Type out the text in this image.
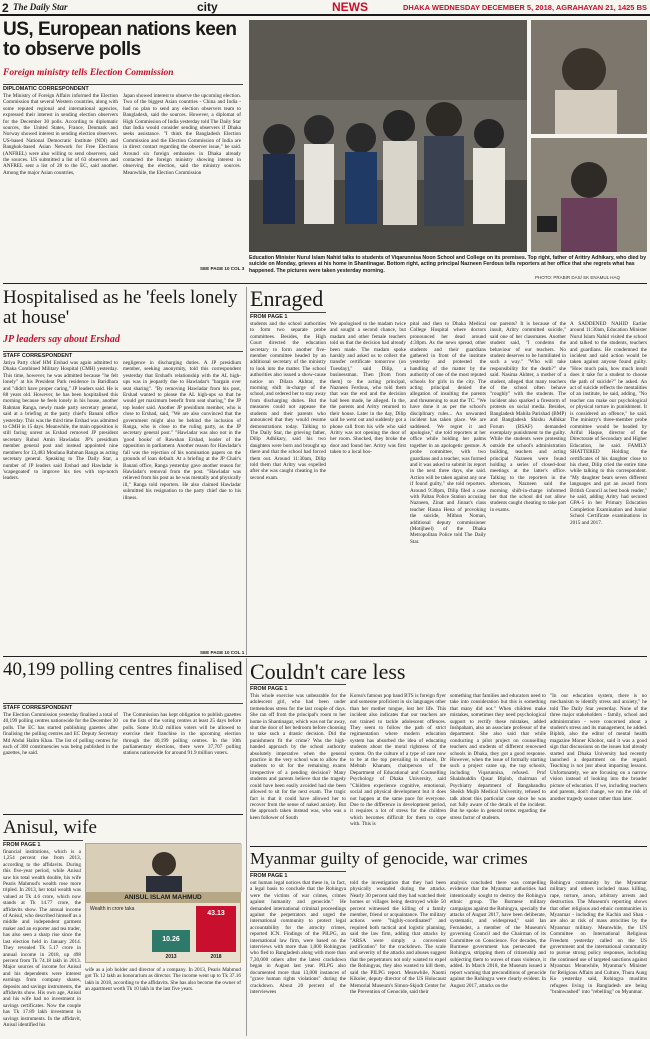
2 The Daily Star	city	NEWS	DHAKA WEDNESDAY DECEMBER 5, 2018, AGRAHAYAN 21, 1425 BS
US, European nations keen to observe polls
Foreign ministry tells Election Commission
DIPLOMATIC CORRESPONDENT
The Ministry of Foreign Affairs informed the Election Commission that several Western countries, along with some reputed regional and international agencies, expressed their interest in sending election observers for the December 30 polls. According to diplomatic sources, the United States, France, Denmark and Norway showed interest in sending election observers. US-based National Democratic Institute (NDI) and Bangkok-based Asian Network for Free Elections (ANFREL) were also willing to send observers, said the sources. US submitted a list of 63 observers and ANFREL sent a list of 28 to the EC, said another. Among the major Asian countries,
Japan showed interest to observe the upcoming election. Two of the biggest Asian countries - China and India - had no plan to send any election observers team to Bangladesh, said the sources. However, a diplomat of High Commission of India yesterday told The Daily Star that India would consider sending observers if Dhaka seeks assistance. "I think the Bangladesh Election Commission and the Election Commission of India are in direct contact regarding the observer issue," he said. Around six foreign embassies in Dhaka already contacted the foreign ministry showing interest in observing the election, said the ministry sources. Meanwhile, the Election Commission
SEE PAGE 10 COL 3
Education Minister Nurul Islam Nahid talks to students of Viqarunnisa Noon School and College on its premises. Top right, father of Arittry Adhikary, who died by suicide on Monday, grieves at his home in Shantinagar. Bottom right, acting principal Nazneen Ferdous tells reporters at her office that she regrets what has happened. The pictures were taken yesterday morning.
PHOTO: PRABIR DAS/ SK ENAMUL HAQ
Hospitalised as he 'feels lonely at house'
JP leaders say about Ershad
STAFF CORRESPONDENT
Jatiya Party chief HM Ershad was again admitted to Dhaka Combined Military Hospital (CMH) yesterday. This time, however, he was admitted because "he felt lonely" at his President Park residence in Baridhara and "didn't have proper caring," JP leaders said. He is 88 years old. However, he has been hospitalised this morning because he feels lonely in his house, another Rahman Ranga, newly made party secretary general, said at a briefing at the party chief's Banani office yesterday. This was the third time Ershad was admitted to CMH in 15 days. Meanwhile, the main opposition is still facing unrest as Ershad removed JP president secretary Ruhul Amin Hawladar. JP's presidium member general post and instead appointed nine members for 13,483 Moulana Rahman Ranga as acting secretary general. Speaking to The Daily Star, a number of JP leaders said Ershad and Hawladar is 'scapegoated' to improve his ties with top-notch leaders.
negligence in discharging duties. A JP presidium member, seeking anonymity, told this correspondent yesterday that Ershad's relationship with the AL high-ups was in jeopardy due to Hawladar's "bargain over seat sharing". "By removing Hawladar from his post, Ershad wanted to please the AL high-ups so that he would get maximum benefit from seat sharing," the JP top leader said. Another JP presidium member, who is close to Ershad, said, "We are also convinced that the government might also be behind the inclusion of Ranga, who is close to the ruling party, as the JP secretary general post." "Hawladar was also not in the 'good books' of Rawshan Ershad, leader of the opposition in parliament. Another reason for Hawladar's fall was the rejection of his nomination papers on the grounds of loan default. At a briefing at the JP Chair's Banani office, Ranga yesterday gave another reason for Hawladar's removal from the post. "Hawladar was relieved from his post as he was mentally and physically ill," Ranga told reporters. He also claimed Hawladar submitted his resignation to the party chief due to his illness.
SEE PAGE 10 COL 1
Enraged
FROM PAGE 1
students and the school authorities to form two separate probe committees. Besides, the High Court directed the education secretary to form another five-member committee headed by an additional secretary of the ministry to look into the matter. The school authorities also issued a show-cause notice on Dilara Akhtar, the morning shift in-charge of the school, and ordered her to stay away from discharging duties. But the measures could not appease the students and their parents who announced that they would resume demonstrations today. Talking to The Daily Star, the grieving father, Dilip Adhikary, said his two daughters were born and brought up there and that the school had forced them out. Around 11:30am, Dilip told them that Aritry was expelled after she was caught cheating in the second exam.
We apologised to the madam twice and sought a second chance, but madam and other female teachers told us that the decision had already been made. The madam spoke harshly and asked us to collect the transfer certificate tomorrow (on Tuesday)," said Dilip, a businessman. Then [from from them] to the acting principal, Nazneen Ferdous, who told them that was the end and the decision had been made, he alleged. In the, the parents and Aritry returned to their house. Later in the day, Dilip said he went out and suddenly got a phone call from his wife who said Aritry was not opening the door of her room. Shocked, they broke the door and found her. Aritry was first taken to a local hos-
pital and then to Dhaka Medical College Hospital where doctors pronounced her dead around 4:30pm. As the news spread, other students and their guardians gathered in front of the institute yesterday and protested the handling of the matter by the authority of one of the most reputed schools for girls in the city. The acting principal denied the allegation of insulting the parents and threatening to oust the TC. "We have done it as per the school's disciplinary rules... An unwanted incident has taken place. We are saddened. We regret it and apologise," she told reporters at her office while holding her palms together in an apologetic gesture. A probe committee, with two guardians and a teacher, was formed and it was asked to submit its report in the next three days, she said. Action will be taken against any one if found guilty," she told reporters. Around 9:30pm, Dilip filed a case with Paltan Police Station accusing Nazneen, Zinat and Jinnat's class teacher Hasna Hena of provoking the suicide, Mithun Noman, additional deputy commissioner (Motijheel) of the Dhaka Metropolitan Police told The Daily Star.
our parents? It is because of the insult, Aritry committed suicide," said one of her classmates. Another student said, "I condemn the behaviour of our teachers. No student deserves to be humiliated in such a way." "Who will take responsibility for the death?" she said. Nasima Akhter, a mother of a student, alleged that many teachers of the school often behave "roughly" with the students. The incident also sparked a firestorm of protests on social media. Besides, Bangladesh Mahila Parishad (BMP) and Bangladesh Shishu Adhikar Forum (BSAF) demanded exemplary punishment to the guilty. While the students were protesting outside the school's administration building, teachers and acting principal Nazneen were found holding a series of closed-door meetings at the latter's office. Talking to the reporters in the afternoon, Nazneen said the morning shift-in-charge informed her that the school did not allow students caught cheating to take part in exams.
A SADDENED NAHID Earlier around 11:30am, Education Minister Nurul Islam Nahid visited the school and talked to the students, teachers and guardians. He condemned the incident and said action would be taken against anyone found guilty. "How much pain, how much insult does it take for a student to choose the path of suicide?" he asked. An act of suicide reflects the mentalities of an institute, he said, adding, "No teacher can make our psychological or physical torture in punishment. It is considered an offence," he said. The ministry's three-member probe committee would be headed by Ariful Haque, director of the Directorate of Secondary and Higher Education, he said. FAMILY SHATTERED Holding the certificates of his daughter close to his chest, Dilip cried the entire time while talking to this correspondent. "My daughter bears seven different languages and got an award from British Council as best book reader," he said, adding Aritry had secured GPA-5 in her Primary Education Completion Examination and Junior School Certificate examinations in 2015 and 2017.
40,199 polling centres finalised
STAFF CORRESPONDENT
The Election Commission yesterday finalised a total of 40,199 polling centres nationwide for the December 30 polls. The EC has started publishing gazettes after finalising the polling centres and EC Deputy Secretary Md Abdul Halim Khan. The list of polling centres for each of 300 constituencies was being published in the gazettes, he said.
The Commission has kept obligation to publish gazettes on the lists of the voting centres at least 25 days before polls. Some 10.42 million voters will be allowed to exercise their franchise in the upcoming election through the 40,199 polling centres. In the 10th parliamentary elections, there were 37,707 polling stations nationwide for around 91.9 million voters.
Anisul, wife
FROM PAGE 1
financial institutions, which is a 1,254 percent rise from 2013, according to the affidavits. During this five-year period, while Anisul saw his total wealth double, his wife Pearis Mahmud's wealth rose more tripled. In 2013, her total wealth was valued at Tk 4.6 crore, which now stands at Tk 14.77 crore, the affidavits show. The annual income of Anisul, who described himself as a middle and independent garment maker and an exporter and tea trader, has also seen a sharp rise since the last election held in January 2014. They revealed Tk 5.17 crore in annual income in 2018, up 498 percent from Tk 74.18 lakh in 2013. Major sources of income for Anisul and his dependents were interest earnings from company shares, deposits and savings instruments, the affidavits show. His own age, Anisul and his wife had no investment in savings certificates. Now the couple has Tk 17.89 lakh investment in savings instruments. In the affidavit, Anisul identified his
ANISUL ISLAM MAHMUD
Wealth in crore taka
10.26
43.13
2013	2018
wife as a job holder and director of a company. In 2013, Pearis Mahmud got Tk 12 lakh as honorarium as director. The income went up to Tk 37.16 lakh in 2018, according to the affidavits. She has also become the owner of an apartment worth Tk 10 lakh in the last five years.
Couldn't care less
FROM PAGE 1
This whole exercise was unbearable for the adolescent girl, who had been under tremendous stress for the last couple of days. She ran off from the principal's room to her home in Shantinagar, which was not far away, shut the door of her bedroom before choosing to take such a drastic decision. Did the punishment fit the crime? Was the high-handed approach by the school authority absolutely imperative when the general practice in the very school was to allow the students to sit for the remaining exams irrespective of a pending decision? Many students and parents believe that the tragedy could have been easily avoided had she been allowed to sit for the next exam. The tragic fact is that it could have allowed her to recover from the sense of naked anxiety. But the approach taken instead was, who was a keen follower of South
Korea's famous pop band BTS is foreign flyer and someone proficient in six languages other than her mother tongue, lost her life. This incident also indicates that our teachers are not trained to tackle adolescent offences. They seem to follow the path of strict regimentation where modern education system has absorbed the idea of educating students about the moral rightness of the system. On the culture of a type of care now to be at the top prevailing in schools, Dr Mehtab Khanam, chairperson of the Department of Educational and Counselling Psychology of Dhaka University, said "Children experience cognitive, emotional, social and physical development but it does not happen at the same pace for everyone. Due to the difference in development period, it requires a lot of stress for the children which becomes difficult for them to cope with. This is
something that families and educators need to take into consideration but this is something that many did not." When children make mistakes, sometimes they need psychological support to rectify these mistakes, added Inshpaham, also an associate professor of the department. She also said that while conducting a pilot project on counselling teachers and students of different renowned schools in Dhaka, they got a good response. However, when the issue of formally starting such a project came up, the top schools, including Viqarunnisa, refused. Prof Shalahuddin Qusar Biplob, chairman of Psychiatry department of Bangabandhu Sheikh Mujib Medical University, refused to talk about this particular case since he was not fully aware of the details of the incident. But he spoke in general terms regarding the stress factor of students.
"In our education system, there is no mechanism to identify stress and anxiety," he told The Daily Star yesterday. None of the three major stakeholders - family, school and administration - were concerned about a student's stress and its management, he added. Biplob, also the editor of mental health magazine Moner Khobor, said it was a good sign that discussions on the issues had already started and Dhaka University had recently launched a department on the regard. Teaching is not just about imparting lessons. Unfortunately, we are focusing on a narrow vision instead of looking into the broader picture of education. If we, including teachers and parents, don't change, we run the risk of another tragedy sooner rather than later.
Myanmar guilty of genocide, war crimes
FROM PAGE 1
out human legal notices that these in, in fact, a legal basis to conclude that the Rohingya were the victims of war crimes, crimes against humanity and genocide." He demanded international criminal proceedings against the perpetrators and urged the international community to protect legal accountability for the atrocity crimes, reported ICN. Findings of the PILPG, an international law firm, were based on the interviews with more than 1,000 Rohingyas who fled to Bangladesh along with more than 7,30,000 others after the latest crackdown began in August last year. PILPG also documented more than 13,000 instances of "grave human rights violations" during the crackdown. About 20 percent of the interviewees
told the investigation that they had been physically wounded during the attacks. Nearly 30 percent said they had watched their homes or villages being destroyed while 50 percent witnessed the killing of a family member, friend or acquaintance. The military actions were "highly-coordinated" and required both tactical and logistic planning, said the law firm, adding that attacks by "ARSA were simply a convenient justification" for the crackdown. The scale and severity of the attacks and abuses suggest that the perpetrators not only wanted to expel the Rohingyas, they also wanted to kill them, said the PILPG report. Meanwhile, Naomi Kikoler, deputy director of the US Holocaust Memorial Museum's Simon-Skjodt Center for the Prevention of Genocide, said their
analysis concluded there was compelling evidence that the Myanmar authorities had intentionally sought to destroy the Rohingya ethnic group. The Burmese military campaigns against the Rohingya, specially the attacks of August 2017, have been deliberate, systematic, and widespread," said Ian Fernández, a member of the Museum's governing Council and the Chairman of its Committee on Conscience. For decades, the Burmese government has persecuted the Rohingya, stripping them of citizenship and subjecting them to waves of mass violence, it added. In March 2018, the Museum issued a report warning that preconditions of genocide against the Rohingya were clearly evident. In August 2017, attacks on the
Rohingya community by the Myanmar military and others included mass killing, rape, torture, arson, arbitrary arrests and destruction. The Museum's reporting shows that other religious and ethnic communities in Myanmar - including the Kachin and Shan - are also at risk of mass atrocities by the Myanmar military. Meanwhile, the UN Committee on International Religious Freedom yesterday called on the US government and the international community to pursue strong policy responses, including the continued use of targeted sanctions against Myanmar. Meanwhile, Myanmar's Minister for Religious Affairs and Culture, Thura Aung Ko yesterday said, Rohingya muslims refugees living in Bangladesh are being "brainwashed" into "rebelling" on Myanmar.
